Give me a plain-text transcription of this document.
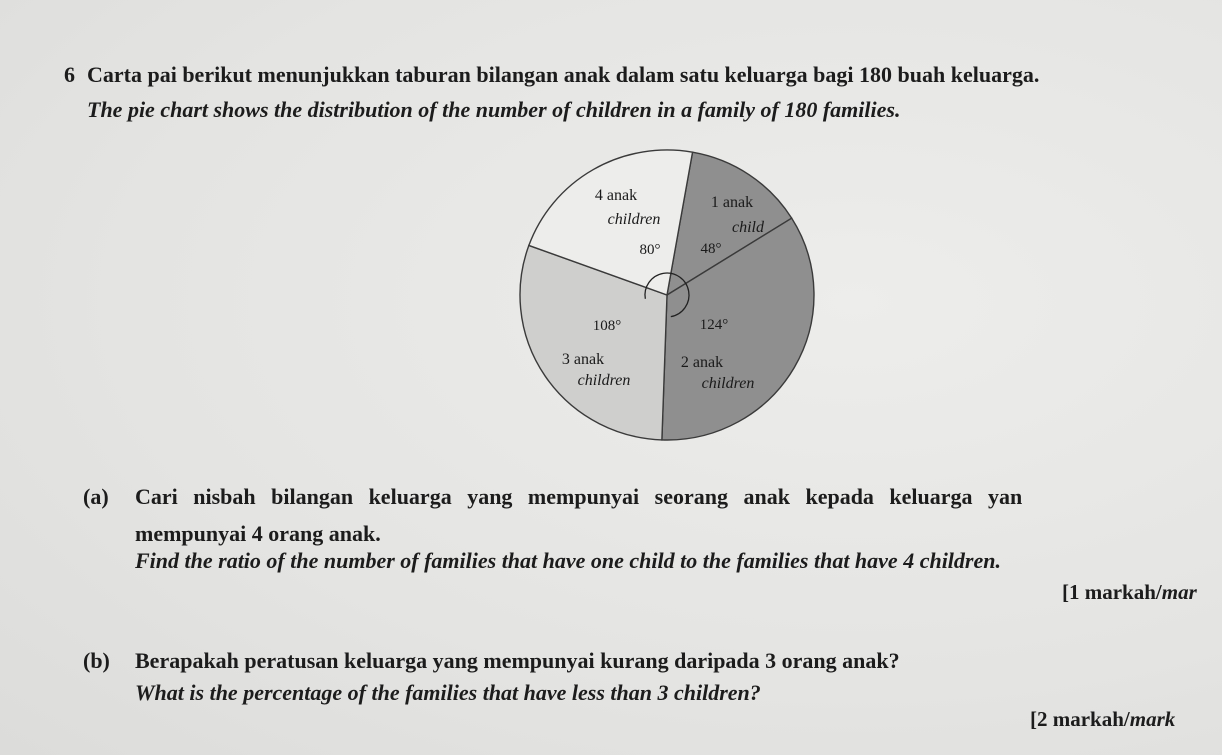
6 Carta pai berikut menunjukkan taburan bilangan anak dalam satu keluarga bagi 180 buah keluarga.
The pie chart shows the distribution of the number of children in a family of 180 families.
4 anak
children
80°
1 anak
child
48°
108°
3 anak
children
124°
2 anak
children
(a) Cari nisbah bilangan keluarga yang mempunyai seorang anak kepada keluarga yan
mempunyai 4 orang anak.
Find the ratio of the number of families that have one child to the families that have 4 children.
[1 markah/mar
(b) Berapakah peratusan keluarga yang mempunyai kurang daripada 3 orang anak?
What is the percentage of the families that have less than 3 children?
[2 markah/mark
